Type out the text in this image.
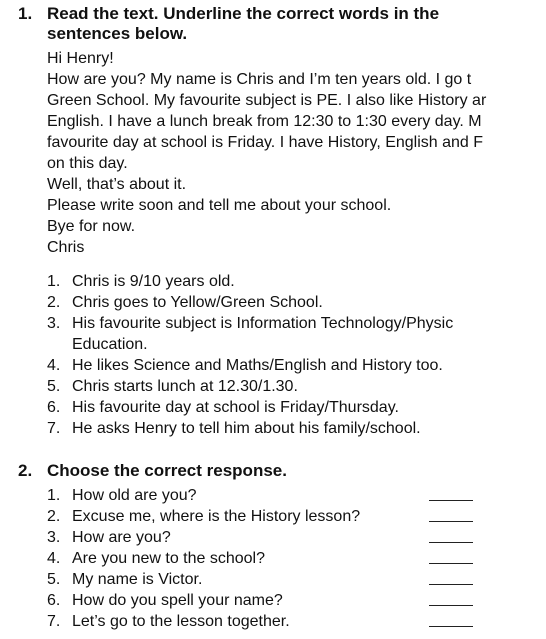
1. Read the text. Underline the correct words in the
sentences below.
Hi Henry!
How are you? My name is Chris and I’m ten years old. I go t
Green School. My favourite subject is PE. I also like History ar
English. I have a lunch break from 12:30 to 1:30 every day. M
favourite day at school is Friday. I have History, English and F
on this day.
Well, that’s about it.
Please write soon and tell me about your school.
Bye for now.
Chris
1. Chris is 9/10 years old.
2. Chris goes to Yellow/Green School.
3. His favourite subject is Information Technology/Physic
Education.
4. He likes Science and Maths/English and History too.
5. Chris starts lunch at 12.30/1.30.
6. His favourite day at school is Friday/Thursday.
7. He asks Henry to tell him about his family/school.
2. Choose the correct response.
1. How old are you?
2. Excuse me, where is the History lesson?
3. How are you?
4. Are you new to the school?
5. My name is Victor.
6. How do you spell your name?
7. Let’s go to the lesson together.
